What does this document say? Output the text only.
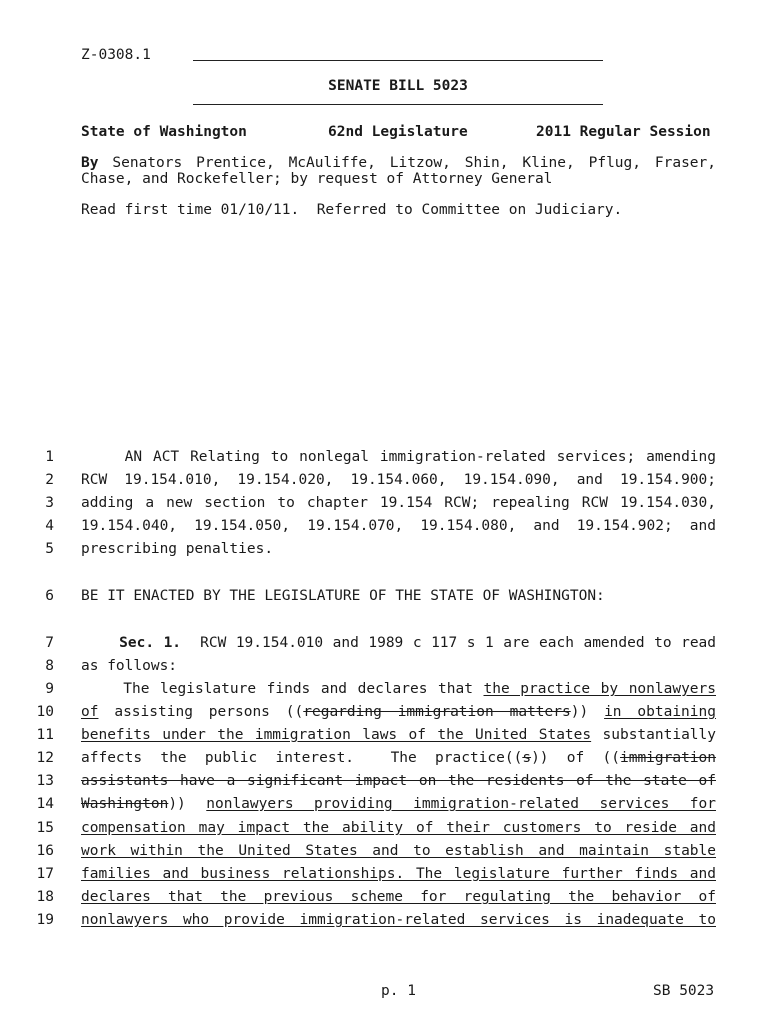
Z-0308.1
SENATE BILL 5023
State of Washington	62nd Legislature	2011 Regular Session
By Senators Prentice, McAuliffe, Litzow, Shin, Kline, Pflug, Fraser,
Chase, and Rockefeller; by request of Attorney General
Read first time 01/10/11.  Referred to Committee on Judiciary.
1
2
3
4
5
6
7
8
9
10
11
12
13
14
15
16
17
18
19
AN ACT Relating to nonlegal immigration-related services; amending
RCW 19.154.010, 19.154.020, 19.154.060, 19.154.090, and 19.154.900;
adding a new section to chapter 19.154 RCW; repealing RCW 19.154.030,
19.154.040, 19.154.050, 19.154.070, 19.154.080, and 19.154.902; and
prescribing penalties.
BE IT ENACTED BY THE LEGISLATURE OF THE STATE OF WASHINGTON:
Sec. 1. RCW 19.154.010 and 1989 c 117 s 1 are each amended to read
as follows:
The legislature finds and declares that the practice by nonlawyers
of assisting persons ((regarding immigration matters)) in obtaining
benefits under the immigration laws of the United States substantially
affects the public interest.  The practice((s)) of ((immigration
assistants have a significant impact on the residents of the state of
Washington)) nonlawyers providing immigration-related services for
compensation may impact the ability of their customers to reside and
work within the United States and to establish and maintain stable
families and business relationships. The legislature further finds and
declares that the previous scheme for regulating the behavior of
nonlawyers who provide immigration-related services is inadequate to
p. 1	SB 5023
